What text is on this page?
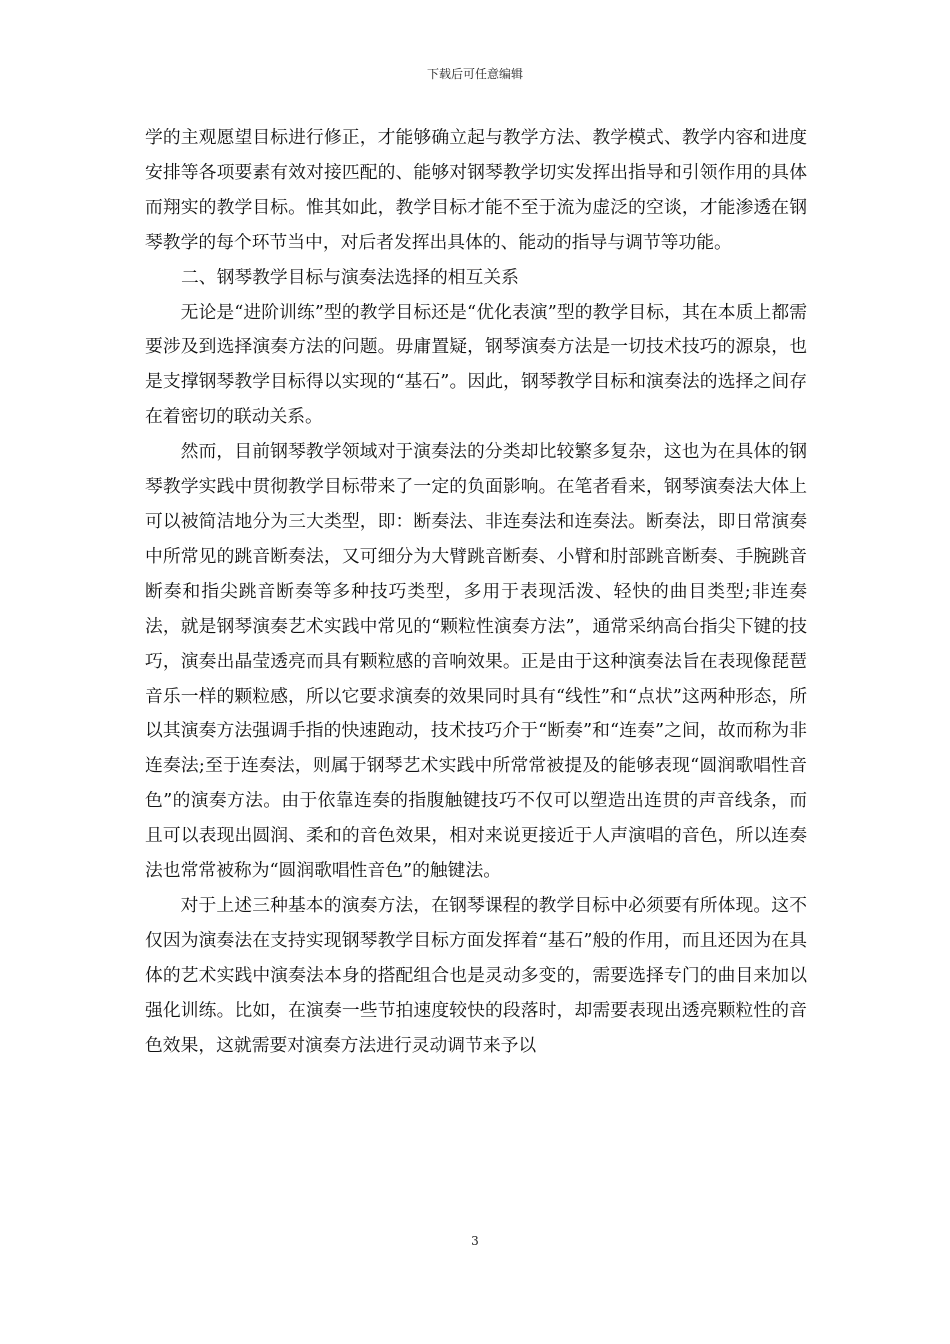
下载后可任意编辑

学的主观愿望目标进行修正，才能够确立起与教学方法、教学模式、教学内容和进度安排等各项要素有效对接匹配的、能够对钢琴教学切实发挥出指导和引领作用的具体而翔实的教学目标。惟其如此，教学目标才能不至于流为虚泛的空谈，才能渗透在钢琴教学的每个环节当中，对后者发挥出具体的、能动的指导与调节等功能。

二、钢琴教学目标与演奏法选择的相互关系

无论是“进阶训练”型的教学目标还是“优化表演”型的教学目标，其在本质上都需要涉及到选择演奏方法的问题。毋庸置疑，钢琴演奏方法是一切技术技巧的源泉，也是支撑钢琴教学目标得以实现的“基石”。因此，钢琴教学目标和演奏法的选择之间存在着密切的联动关系。

然而，目前钢琴教学领域对于演奏法的分类却比较繁多复杂，这也为在具体的钢琴教学实践中贯彻教学目标带来了一定的负面影响。在笔者看来，钢琴演奏法大体上可以被简洁地分为三大类型，即：断奏法、非连奏法和连奏法。断奏法，即日常演奏中所常见的跳音断奏法，又可细分为大臂跳音断奏、小臂和肘部跳音断奏、手腕跳音断奏和指尖跳音断奏等多种技巧类型，多用于表现活泼、轻快的曲目类型;非连奏法，就是钢琴演奏艺术实践中常见的“颗粒性演奏方法”，通常采纳高台指尖下键的技巧，演奏出晶莹透亮而具有颗粒感的音响效果。正是由于这种演奏法旨在表现像琵琶音乐一样的颗粒感，所以它要求演奏的效果同时具有“线性”和“点状”这两种形态，所以其演奏方法强调手指的快速跑动，技术技巧介于“断奏”和“连奏”之间，故而称为非连奏法;至于连奏法，则属于钢琴艺术实践中所常常被提及的能够表现“圆润歌唱性音色”的演奏方法。由于依靠连奏的指腹触键技巧不仅可以塑造出连贯的声音线条，而且可以表现出圆润、柔和的音色效果，相对来说更接近于人声演唱的音色，所以连奏法也常常被称为“圆润歌唱性音色”的触键法。

对于上述三种基本的演奏方法，在钢琴课程的教学目标中必须要有所体现。这不仅因为演奏法在支持实现钢琴教学目标方面发挥着“基石”般的作用，而且还因为在具体的艺术实践中演奏法本身的搭配组合也是灵动多变的，需要选择专门的曲目来加以强化训练。比如，在演奏一些节拍速度较快的段落时，却需要表现出透亮颗粒性的音色效果，这就需要对演奏方法进行灵动调节来予以

3
